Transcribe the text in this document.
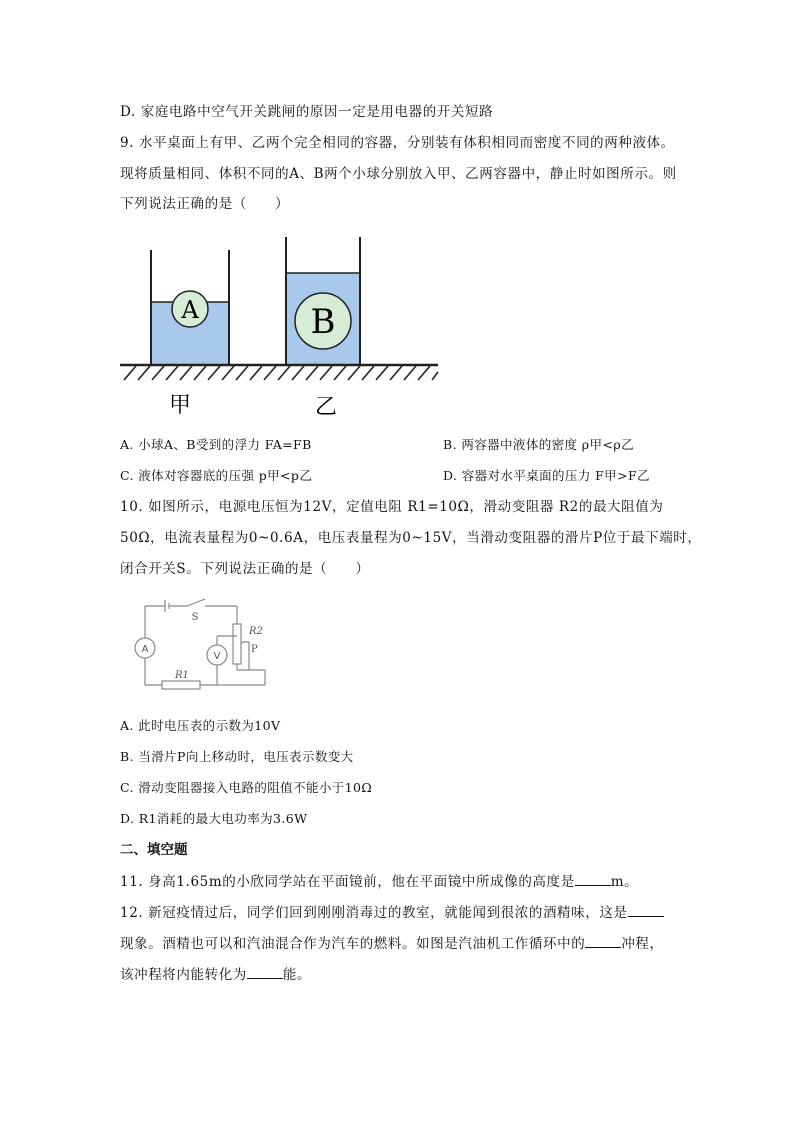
D. 家庭电路中空气开关跳闸的原因一定是用电器的开关短路
9. 水平桌面上有甲、乙两个完全相同的容器，分别装有体积相同而密度不同的两种液体。
现将质量相同、体积不同的A、B两个小球分别放入甲、乙两容器中，静止时如图所示。则
下列说法正确的是（　　）
A	B
甲	乙
A. 小球A、B受到的浮力 FA=FB	B. 两容器中液体的密度 ρ甲<ρ乙
C. 液体对容器底的压强 p甲<p乙	D. 容器对水平桌面的压力 F甲>F乙
10. 如图所示，电源电压恒为12V，定值电阻 R1=10Ω，滑动变阻器 R2的最大阻值为
50Ω，电流表量程为0~0.6A，电压表量程为0~15V，当滑动变阻器的滑片P位于最下端时，
闭合开关S。下列说法正确的是（　　）
A
V
S
R2
P
R1
A. 此时电压表的示数为10V
B. 当滑片P向上移动时，电压表示数变大
C. 滑动变阻器接入电路的阻值不能小于10Ω
D. R1消耗的最大电功率为3.6W
二、填空题
11. 身高1.65m的小欣同学站在平面镜前，他在平面镜中所成像的高度是	m。
12. 新冠疫情过后，同学们回到刚刚消毒过的教室，就能闻到很浓的酒精味，这是
现象。酒精也可以和汽油混合作为汽车的燃料。如图是汽油机工作循环中的	冲程，
该冲程将内能转化为	能。
